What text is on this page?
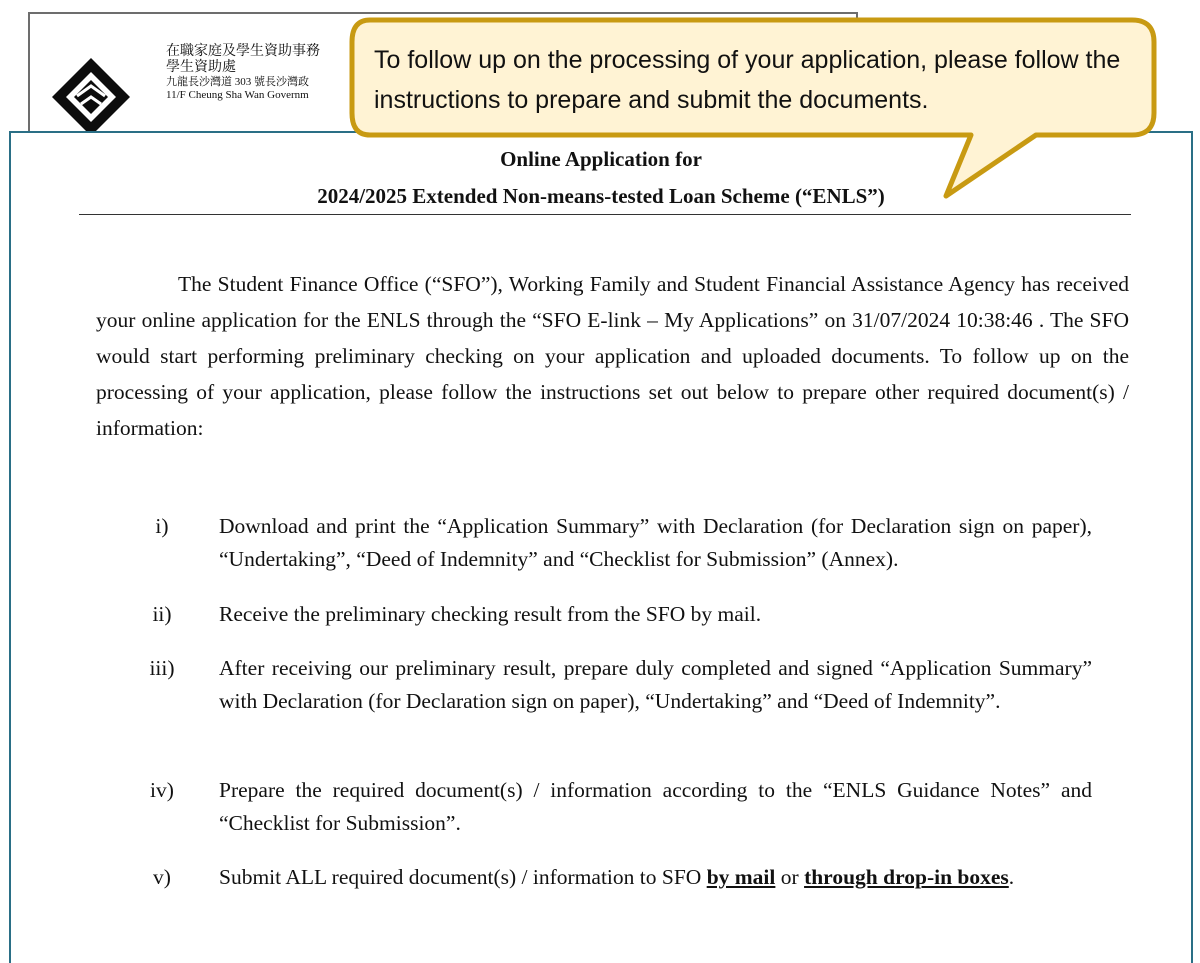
在職家庭及學生資助事務
學生資助處
九龍長沙灣道 303 號長沙灣政
11/F Cheung Sha Wan Governm
Online Application for
2024/2025 Extended Non-means-tested Loan Scheme (“ENLS”)
The Student Finance Office (“SFO”), Working Family and Student Financial Assistance Agency has received your online application for the ENLS through the “SFO E-link – My Applications” on 31/07/2024 10:38:46 . The SFO would start performing preliminary checking on your application and uploaded documents. To follow up on the processing of your application, please follow the instructions set out below to prepare other required document(s) / information:
i)	Download and print the “Application Summary” with Declaration (for Declaration sign on paper), “Undertaking”, “Deed of Indemnity” and “Checklist for Submission” (Annex).
ii)	Receive the preliminary checking result from the SFO by mail.
iii)	After receiving our preliminary result, prepare duly completed and signed “Application Summary” with Declaration (for Declaration sign on paper), “Undertaking” and “Deed of Indemnity”.
iv)	Prepare the required document(s) / information according to the “ENLS Guidance Notes” and “Checklist for Submission”.
v)	Submit ALL required document(s) / information to SFO by mail or through drop-in boxes.
To follow up on the processing of your application, please follow the instructions to prepare and submit the documents.
